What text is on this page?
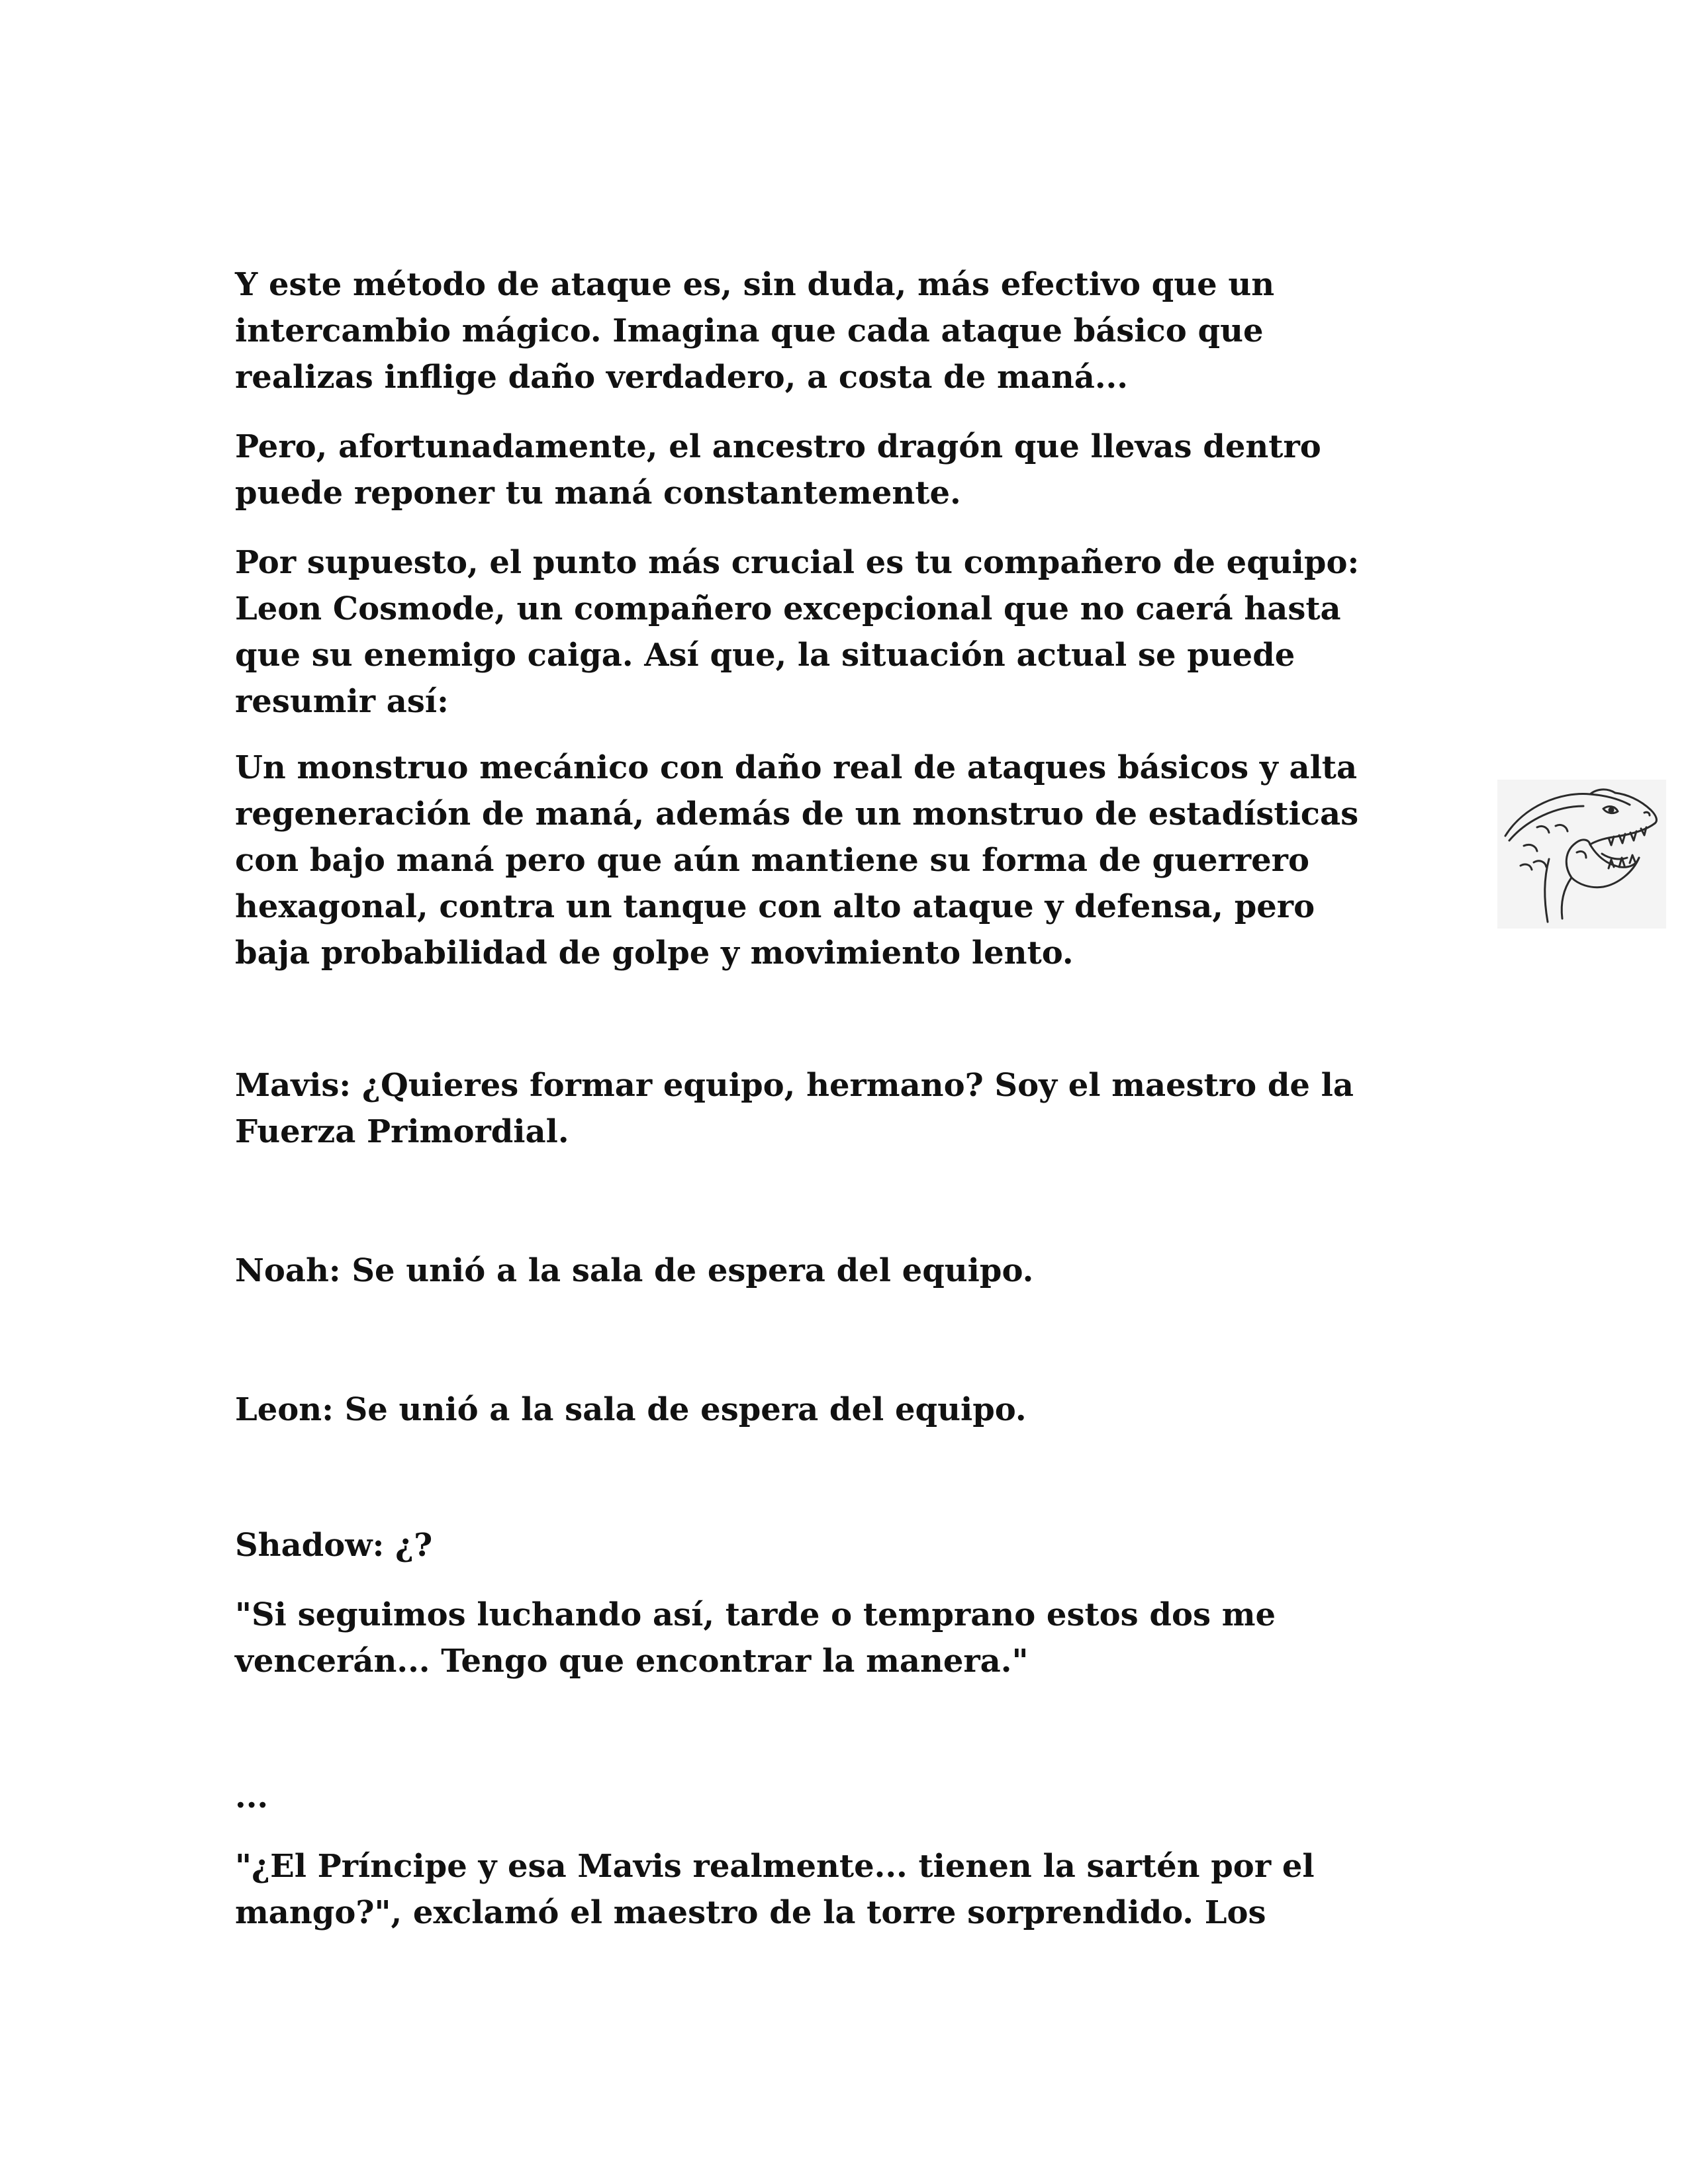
Y este método de ataque es, sin duda, más efectivo que un
intercambio mágico. Imagina que cada ataque básico que
realizas inflige daño verdadero, a costa de maná...

Pero, afortunadamente, el ancestro dragón que llevas dentro
puede reponer tu maná constantemente.

Por supuesto, el punto más crucial es tu compañero de equipo:
Leon Cosmode, un compañero excepcional que no caerá hasta
que su enemigo caiga. Así que, la situación actual se puede
resumir así:

Un monstruo mecánico con daño real de ataques básicos y alta
regeneración de maná, además de un monstruo de estadísticas
con bajo maná pero que aún mantiene su forma de guerrero
hexagonal, contra un tanque con alto ataque y defensa, pero
baja probabilidad de golpe y movimiento lento.

Mavis: ¿Quieres formar equipo, hermano? Soy el maestro de la
Fuerza Primordial.

Noah: Se unió a la sala de espera del equipo.

Leon: Se unió a la sala de espera del equipo.

Shadow: ¿?

"Si seguimos luchando así, tarde o temprano estos dos me
vencerán... Tengo que encontrar la manera."

...

"¿El Príncipe y esa Mavis realmente... tienen la sartén por el
mango?", exclamó el maestro de la torre sorprendido. Los
